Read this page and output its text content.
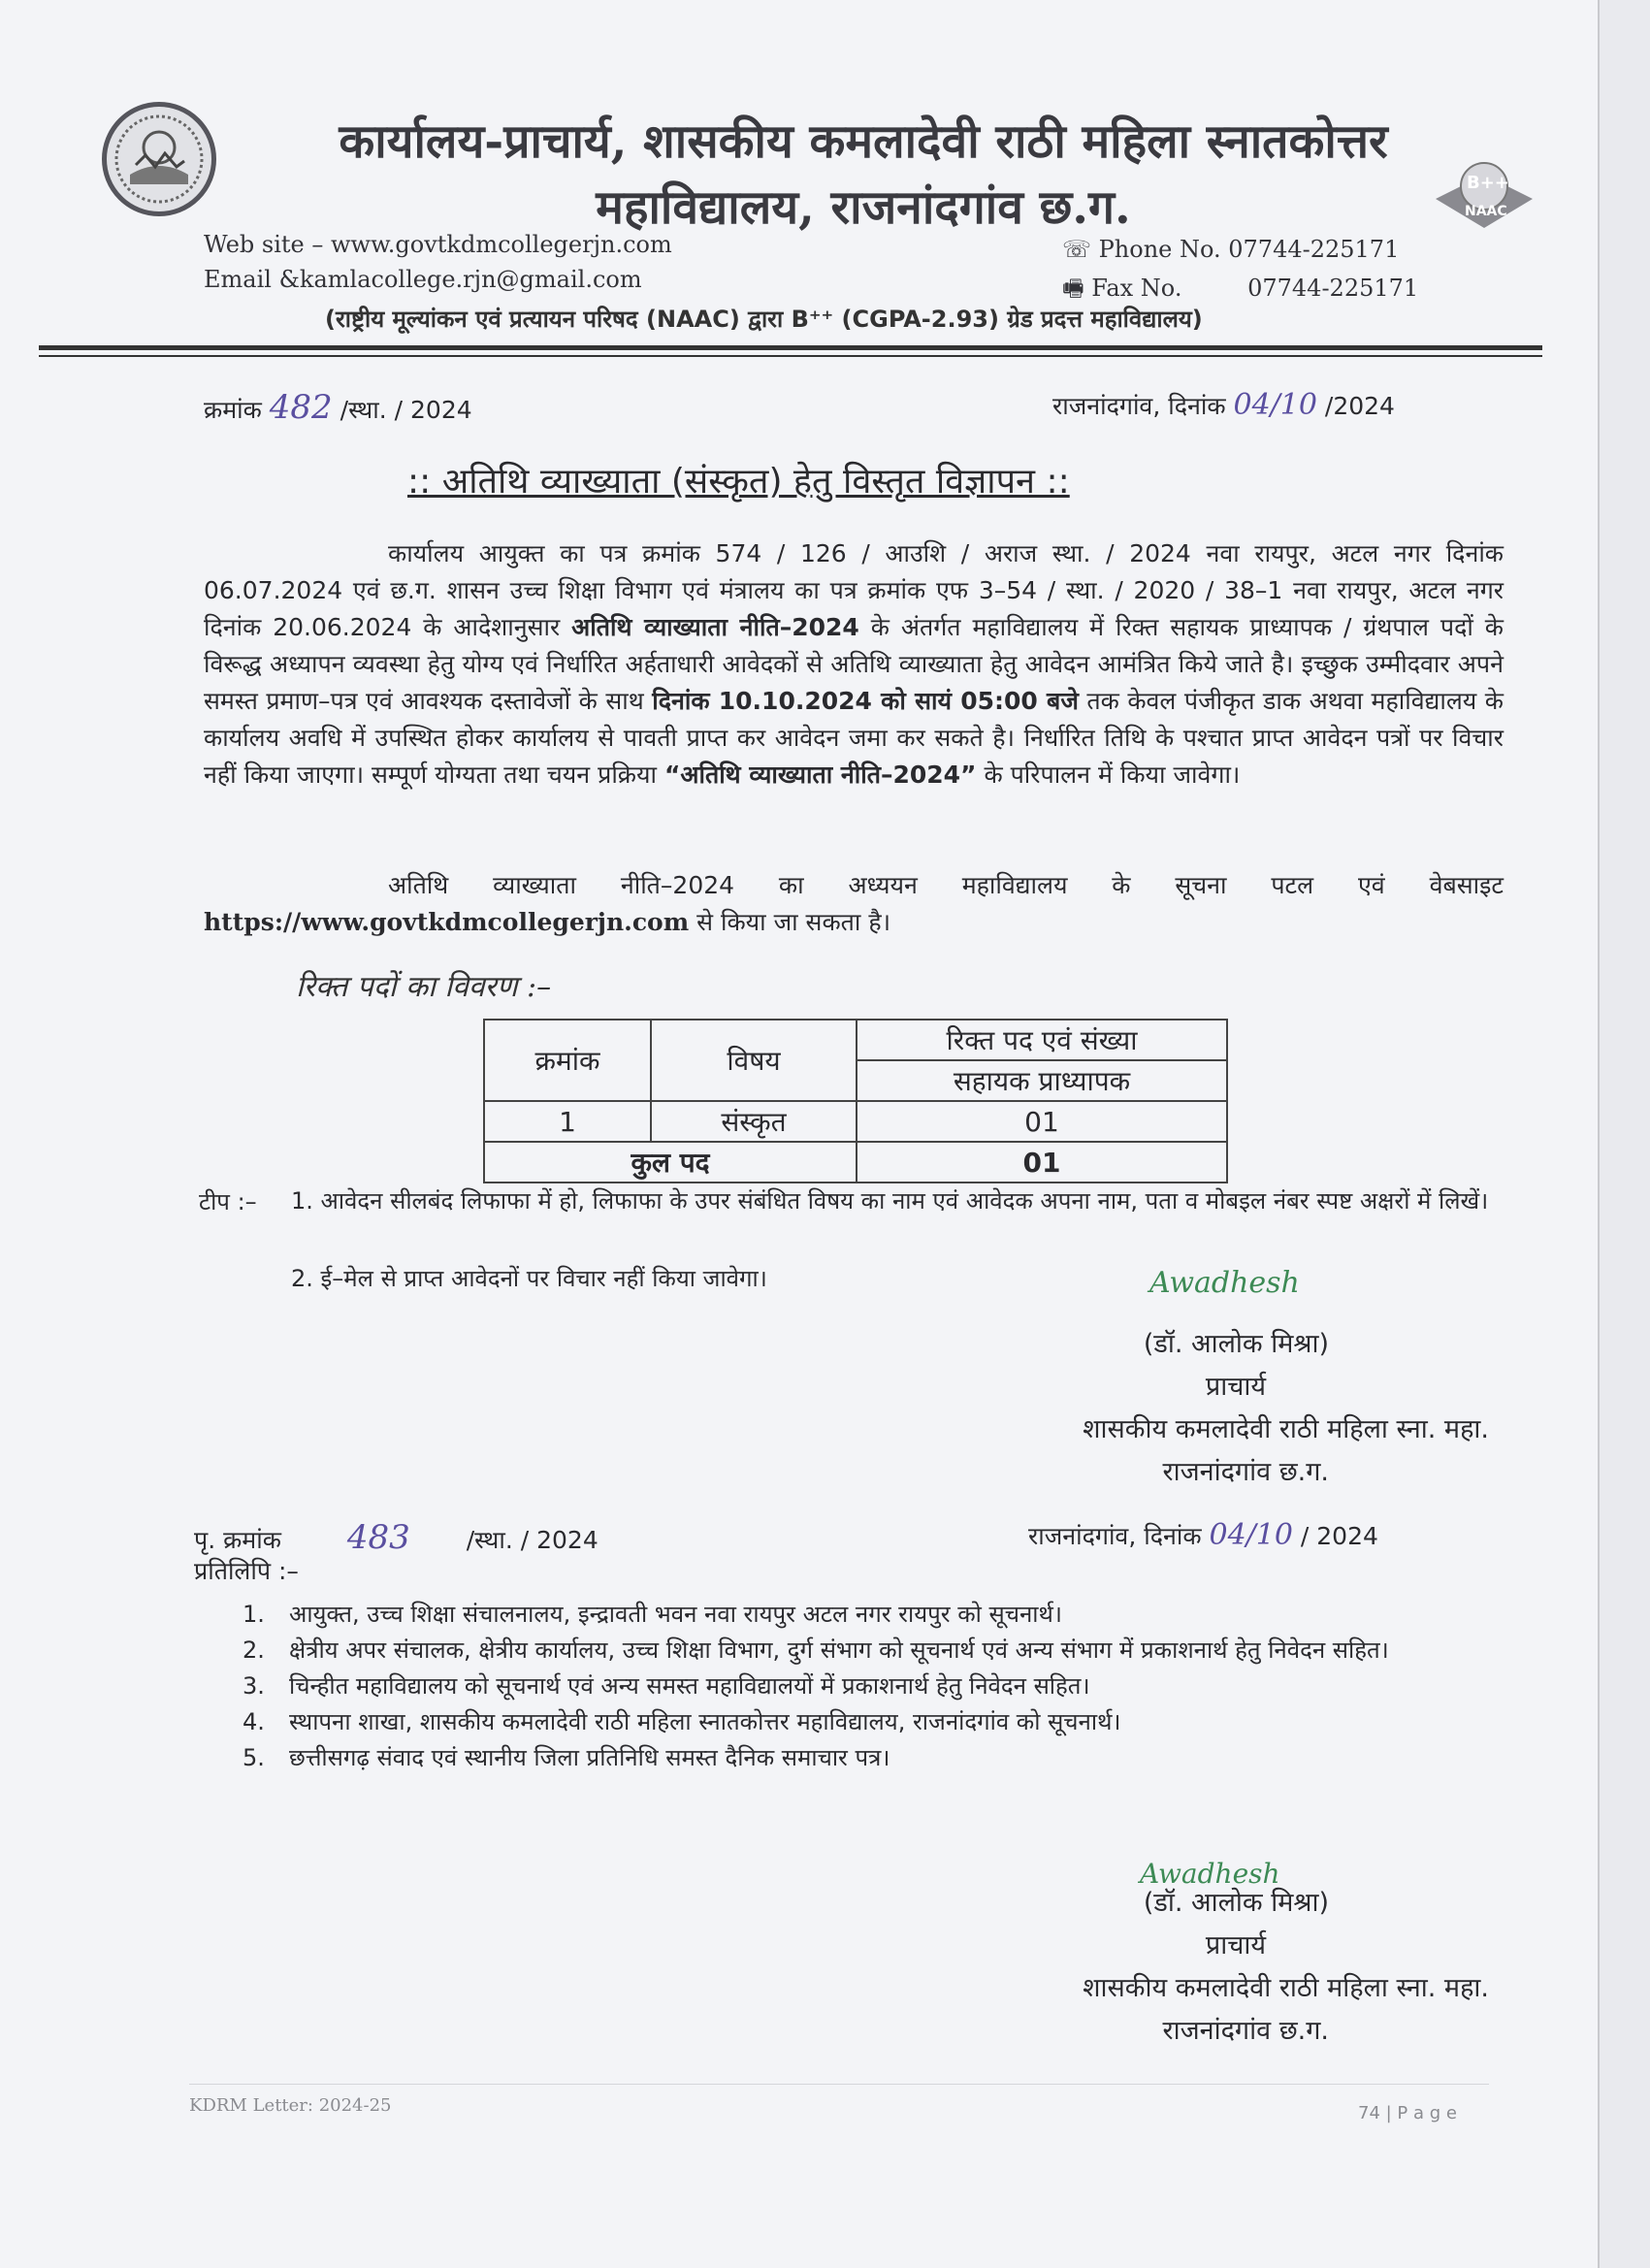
B++
NAAC
कार्यालय-प्राचार्य, शासकीय कमलादेवी राठी महिला स्नातकोत्तर
महाविद्यालय, राजनांदगांव छ.ग.
Web site – www.govtkdmcollegerjn.com
Email &kamlacollege.rjn@gmail.com
☏ Phone No. 07744-225171
🖷 Fax No.	07744-225171
(राष्ट्रीय मूल्यांकन एवं प्रत्यायन परिषद (NAAC) द्वारा B⁺⁺ (CGPA-2.93) ग्रेड प्रदत्त महाविद्यालय)
क्रमांक 482 /स्था. / 2024	राजनांदगांव, दिनांक 04/10 /2024
:: अतिथि व्याख्याता (संस्कृत) हेतु विस्तृत विज्ञापन ::
कार्यालय आयुक्त का पत्र क्रमांक 574 / 126 / आउशि / अराज स्था. / 2024 नवा रायपुर, अटल नगर दिनांक 06.07.2024 एवं छ.ग. शासन उच्च शिक्षा विभाग एवं मंत्रालय का पत्र क्रमांक एफ 3–54 / स्था. / 2020 / 38–1 नवा रायपुर, अटल नगर दिनांक 20.06.2024 के आदेशानुसार अतिथि व्याख्याता नीति–2024 के अंतर्गत महाविद्यालय में रिक्त सहायक प्राध्यापक / ग्रंथपाल पदों के विरूद्ध अध्यापन व्यवस्था हेतु योग्य एवं निर्धारित अर्हताधारी आवेदकों से अतिथि व्याख्याता हेतु आवेदन आमंत्रित किये जाते है। इच्छुक उम्मीदवार अपने समस्त प्रमाण–पत्र एवं आवश्यक दस्तावेजों के साथ दिनांक 10.10.2024 को सायं 05:00 बजे तक केवल पंजीकृत डाक अथवा महाविद्यालय के कार्यालय अवधि में उपस्थित होकर कार्यालय से पावती प्राप्त कर आवेदन जमा कर सकते है। निर्धारित तिथि के पश्चात प्राप्त आवेदन पत्रों पर विचार नहीं किया जाएगा। सम्पूर्ण योग्यता तथा चयन प्रक्रिया “अतिथि व्याख्याता नीति–2024” के परिपालन में किया जावेगा।
अतिथि व्याख्याता नीति–2024 का अध्ययन महाविद्यालय के सूचना पटल एवं वेबसाइट https://www.govtkdmcollegerjn.com से किया जा सकता है।
रिक्त पदों का विवरण :–
क्रमांक	विषय	रिक्त पद एवं संख्या
		सहायक प्राध्यापक
1	संस्कृत	01
कुल पद		01
टीप :– 1. आवेदन सीलबंद लिफाफा में हो, लिफाफा के उपर संबंधित विषय का नाम एवं आवेदक अपना नाम, पता व मोबइल नंबर स्पष्ट अक्षरों में लिखें।
2. ई–मेल से प्राप्त आवेदनों पर विचार नहीं किया जावेगा।	Awadhesh
(डॉ. आलोक मिश्रा)
प्राचार्य
शासकीय कमलादेवी राठी महिला स्ना. महा.
राजनांदगांव छ.ग.
पृ. क्रमांक 483 /स्था. / 2024	राजनांदगांव, दिनांक 04/10 / 2024
प्रतिलिपि :–
1.	आयुक्त, उच्च शिक्षा संचालनालय, इन्द्रावती भवन नवा रायपुर अटल नगर रायपुर को सूचनार्थ।
2.	क्षेत्रीय अपर संचालक, क्षेत्रीय कार्यालय, उच्च शिक्षा विभाग, दुर्ग संभाग को सूचनार्थ एवं अन्य संभाग में प्रकाशनार्थ हेतु निवेदन सहित।
3.	चिन्हीत महाविद्यालय को सूचनार्थ एवं अन्य समस्त महाविद्यालयों में प्रकाशनार्थ हेतु निवेदन सहित।
4.	स्थापना शाखा, शासकीय कमलादेवी राठी महिला स्नातकोत्तर महाविद्यालय, राजनांदगांव को सूचनार्थ।
5.	छत्तीसगढ़ संवाद एवं स्थानीय जिला प्रतिनिधि समस्त दैनिक समाचार पत्र।
Awadhesh
(डॉ. आलोक मिश्रा)
प्राचार्य
शासकीय कमलादेवी राठी महिला स्ना. महा.
राजनांदगांव छ.ग.
KDRM Letter: 2024-25	74 | P a g e
